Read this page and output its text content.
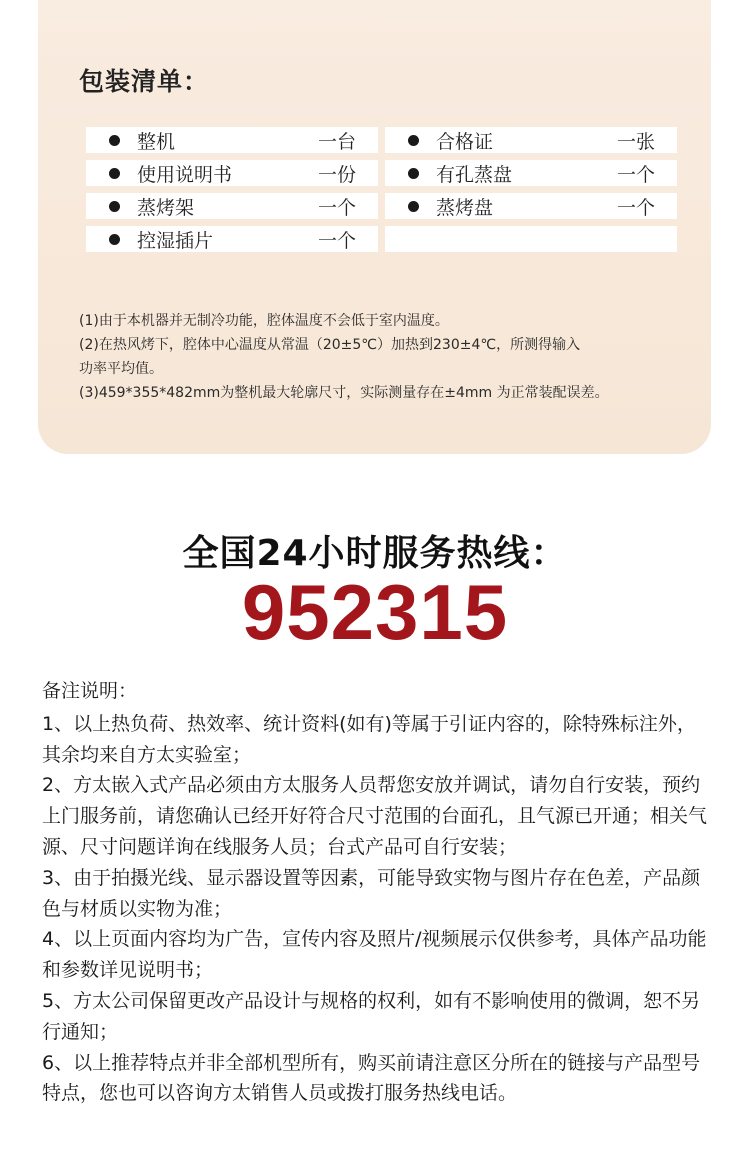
包装清单：
整机	一台	合格证	一张
使用说明书	一份	有孔蒸盘	一个
蒸烤架	一个	蒸烤盘	一个
控湿插片	一个

(1)由于本机器并无制冷功能，腔体温度不会低于室内温度。

(2)在热风烤下，腔体中心温度从常温（20±5℃）加热到230±4℃，所测得输入

功率平均值。

(3)459*355*482mm为整机最大轮廓尺寸，实际测量存在±4mm 为正常装配误差。

全国24小时服务热线：
952315

备注说明：

1、以上热负荷、热效率、统计资料(如有)等属于引证内容的，除特殊标注外，

其余均来自方太实验室；

2、方太嵌入式产品必须由方太服务人员帮您安放并调试，请勿自行安装，预约

上门服务前，请您确认已经开好符合尺寸范围的台面孔，且气源已开通；相关气

源、尺寸问题详询在线服务人员；台式产品可自行安装；

3、由于拍摄光线、显示器设置等因素，可能导致实物与图片存在色差，产品颜

色与材质以实物为准；

4、以上页面内容均为广告，宣传内容及照片/视频展示仅供参考，具体产品功能

和参数详见说明书；

5、方太公司保留更改产品设计与规格的权利，如有不影响使用的微调，恕不另

行通知；

6、以上推荐特点并非全部机型所有，购买前请注意区分所在的链接与产品型号

特点，您也可以咨询方太销售人员或拨打服务热线电话。
